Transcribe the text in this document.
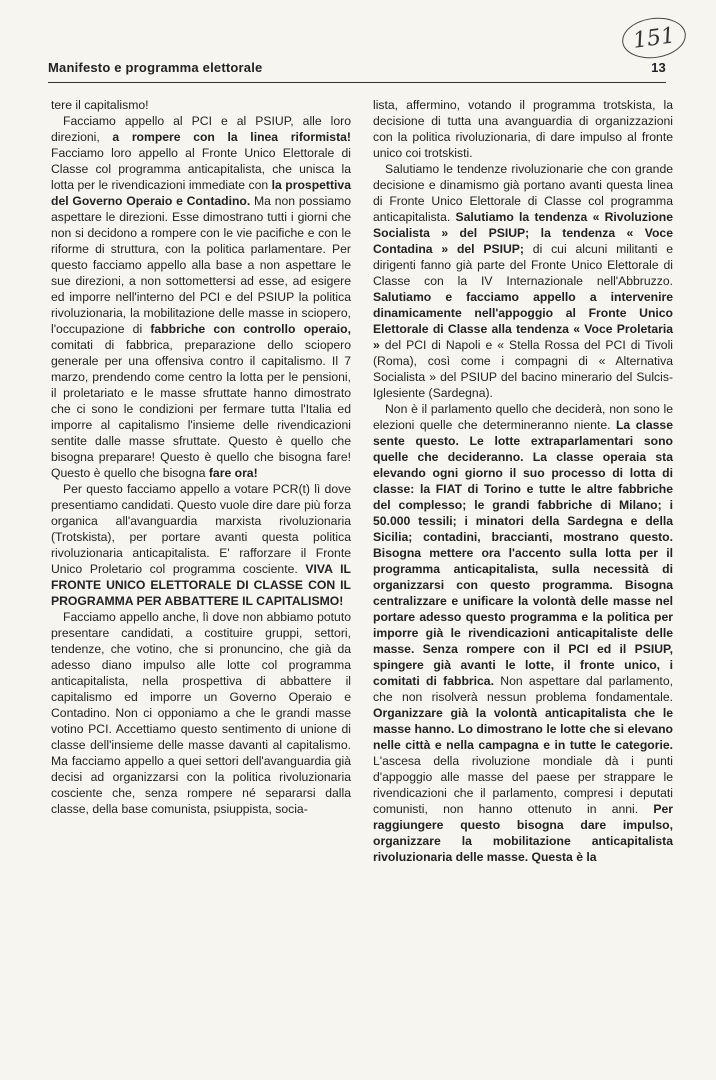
151
Manifesto e programma elettorale	13

tere il capitalismo!

Facciamo appello al PCI e al PSIUP, alle loro direzioni, a rompere con la linea riformista! Facciamo loro appello al Fronte Unico Elettorale di Classe col programma anticapitalista, che unisca la lotta per le rivendicazioni immediate con la prospettiva del Governo Operaio e Contadino. Ma non possiamo aspettare le direzioni. Esse dimostrano tutti i giorni che non si decidono a rompere con le vie pacifiche e con le riforme di struttura, con la politica parlamentare. Per questo facciamo appello alla base a non aspettare le sue direzioni, a non sottomettersi ad esse, ad esigere ed imporre nell'interno del PCI e del PSIUP la politica rivoluzionaria, la mobilitazione delle masse in sciopero, l'occupazione di fabbriche con controllo operaio, comitati di fabbrica, preparazione dello sciopero generale per una offensiva contro il capitalismo. Il 7 marzo, prendendo come centro la lotta per le pensioni, il proletariato e le masse sfruttate hanno dimostrato che ci sono le condizioni per fermare tutta l'Italia ed imporre al capitalismo l'insieme delle rivendicazioni sentite dalle masse sfruttate. Questo è quello che bisogna preparare! Questo è quello che bisogna fare! Questo è quello che bisogna fare ora!

Per questo facciamo appello a votare PCR(t) lì dove presentiamo candidati. Questo vuole dire dare più forza organica all'avanguardia marxista rivoluzionaria (Trotskista), per portare avanti questa politica rivoluzionaria anticapitalista. E' rafforzare il Fronte Unico Proletario col programma cosciente. VIVA IL FRONTE UNICO ELETTORALE DI CLASSE CON IL PROGRAMMA PER ABBATTERE IL CAPITALISMO!

Facciamo appello anche, lì dove non abbiamo potuto presentare candidati, a costituire gruppi, settori, tendenze, che votino, che si pronuncino, che già da adesso diano impulso alle lotte col programma anticapitalista, nella prospettiva di abbattere il capitalismo ed imporre un Governo Operaio e Contadino. Non ci opponiamo a che le grandi masse votino PCI. Accettiamo questo sentimento di unione di classe dell'insieme delle masse davanti al capitalismo. Ma facciamo appello a quei settori dell'avanguardia già decisi ad organizzarsi con la politica rivoluzionaria cosciente che, senza rompere né separarsi dalla classe, della base comunista, psiuppista, socia-

lista, affermino, votando il programma trotskista, la decisione di tutta una avanguardia di organizzazioni con la politica rivoluzionaria, di dare impulso al fronte unico coi trotskisti.

Salutiamo le tendenze rivoluzionarie che con grande decisione e dinamismo già portano avanti questa linea di Fronte Unico Elettorale di Classe col programma anticapitalista. Salutiamo la tendenza « Rivoluzione Socialista » del PSIUP; la tendenza « Voce Contadina » del PSIUP; di cui alcuni militanti e dirigenti fanno già parte del Fronte Unico Elettorale di Classe con la IV Internazionale nell'Abbruzzo. Salutiamo e facciamo appello a intervenire dinamicamente nell'appoggio al Fronte Unico Elettorale di Classe alla tendenza « Voce Proletaria » del PCI di Napoli e « Stella Rossa del PCI di Tivoli (Roma), così come i compagni di « Alternativa Socialista » del PSIUP del bacino minerario del Sulcis-Iglesiente (Sardegna).

Non è il parlamento quello che deciderà, non sono le elezioni quelle che determineranno niente. La classe sente questo. Le lotte extraparlamentari sono quelle che decideranno. La classe operaia sta elevando ogni giorno il suo processo di lotta di classe: la FIAT di Torino e tutte le altre fabbriche del complesso; le grandi fabbriche di Milano; i 50.000 tessili; i minatori della Sardegna e della Sicilia; contadini, braccianti, mostrano questo. Bisogna mettere ora l'accento sulla lotta per il programma anticapitalista, sulla necessità di organizzarsi con questo programma. Bisogna centralizzare e unificare la volontà delle masse nel portare adesso questo programma e la politica per imporre già le rivendicazioni anticapitaliste delle masse. Senza rompere con il PCI ed il PSIUP, spingere già avanti le lotte, il fronte unico, i comitati di fabbrica. Non aspettare dal parlamento, che non risolverà nessun problema fondamentale. Organizzare già la volontà anticapitalista che le masse hanno. Lo dimostrano le lotte che si elevano nelle città e nella campagna e in tutte le categorie. L'ascesa della rivoluzione mondiale dà i punti d'appoggio alle masse del paese per strappare le rivendicazioni che il parlamento, compresi i deputati comunisti, non hanno ottenuto in anni. Per raggiungere questo bisogna dare impulso, organizzare la mobilitazione anticapitalista rivoluzionaria delle masse. Questa è la
